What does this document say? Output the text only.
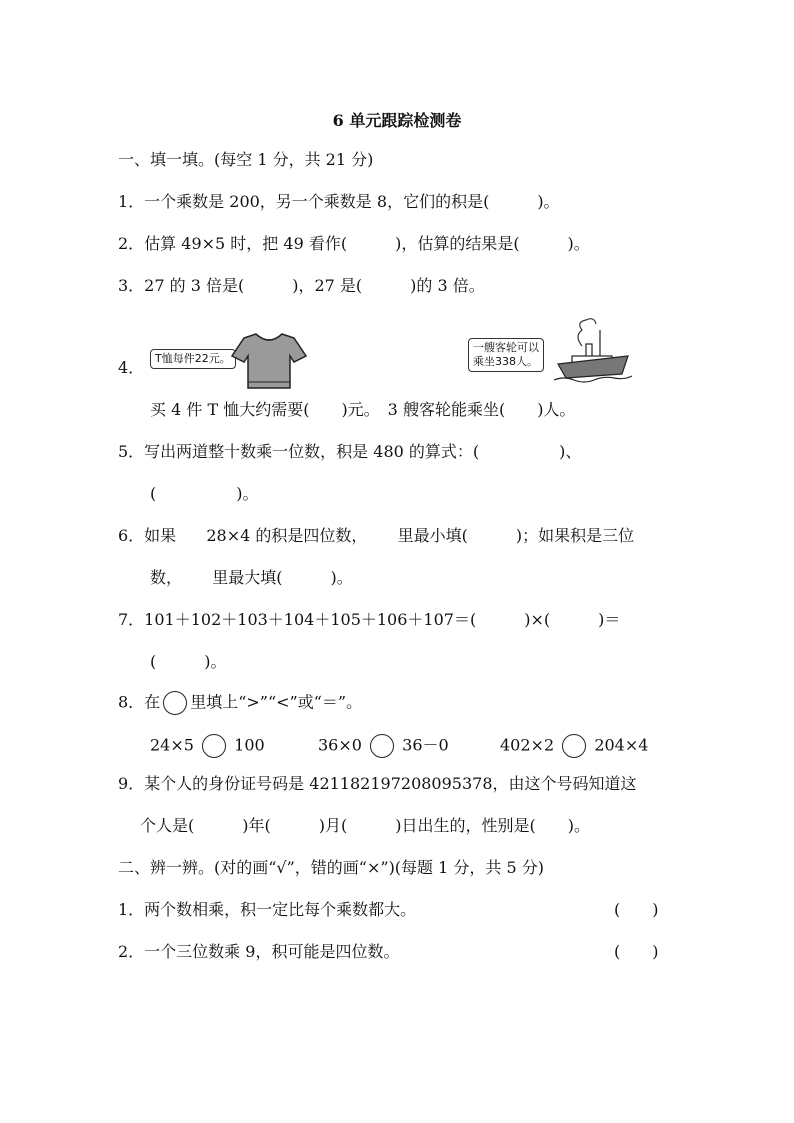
6 单元跟踪检测卷
一、填一填。(每空 1 分，共 21 分)
1．一个乘数是 200，另一个乘数是 8，它们的积是(　　　)。
2．估算 49×5 时，把 49 看作(　　　)，估算的结果是(　　　)。
3．27 的 3 倍是(　　　)，27 是(　　　)的 3 倍。
4． T恤每件22元。
一艘客轮可以
乘坐338人。
买 4 件 T 恤大约需要(　　)元。　3 艘客轮能乘坐(　　)人。
5．写出两道整十数乘一位数，积是 480 的算式：(　　　　　)、
(　　　　　)。
6．如果 28×4 的积是四位数， 里最小填(　　　)；如果积是三位
数， 里最大填(　　　)。
7．101＋102＋103＋104＋105＋106＋107＝(　　　)×(　　　)＝
(　　　)。
8．在 里填上“>”“<”或“＝”。
24×5	100	36×0	36－0	402×2	204×4
9．某个人的身份证号码是 421182197208095378，由这个号码知道这
个人是(　　　)年(　　　)月(　　　)日出生的，性别是(　　)。
二、辨一辨。(对的画“√”，错的画“×”)(每题 1 分，共 5 分)
1．两个数相乘，积一定比每个乘数都大。	(　　)
2．一个三位数乘 9，积可能是四位数。	(　　)
